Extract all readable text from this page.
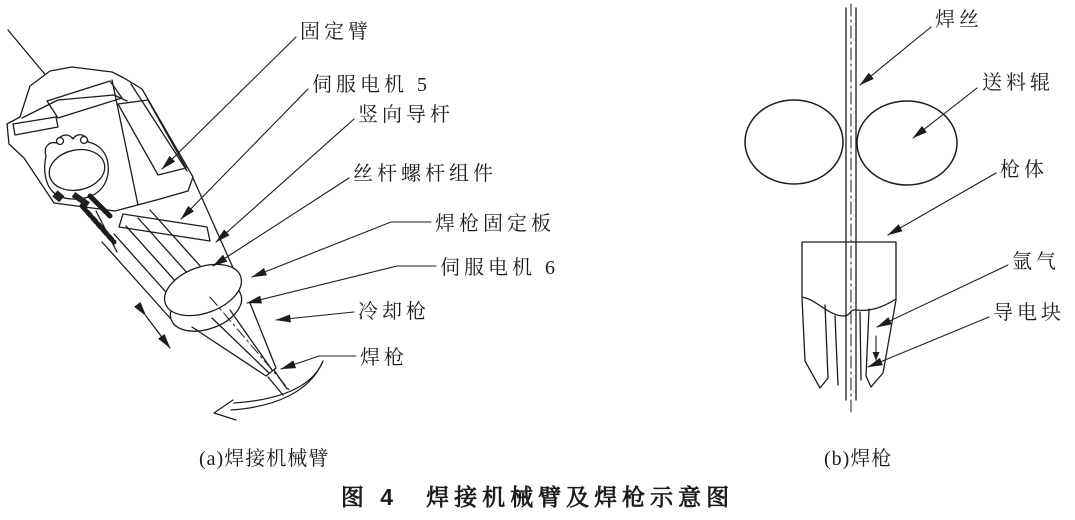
固定臂
伺服电机 5
竖向导杆
丝杆螺杆组件
焊枪固定板
伺服电机 6
冷却枪
焊枪
焊丝
送料辊
枪体
氩气
导电块
(a)焊接机械臂	(b)焊枪
图 4　焊接机械臂及焊枪示意图
